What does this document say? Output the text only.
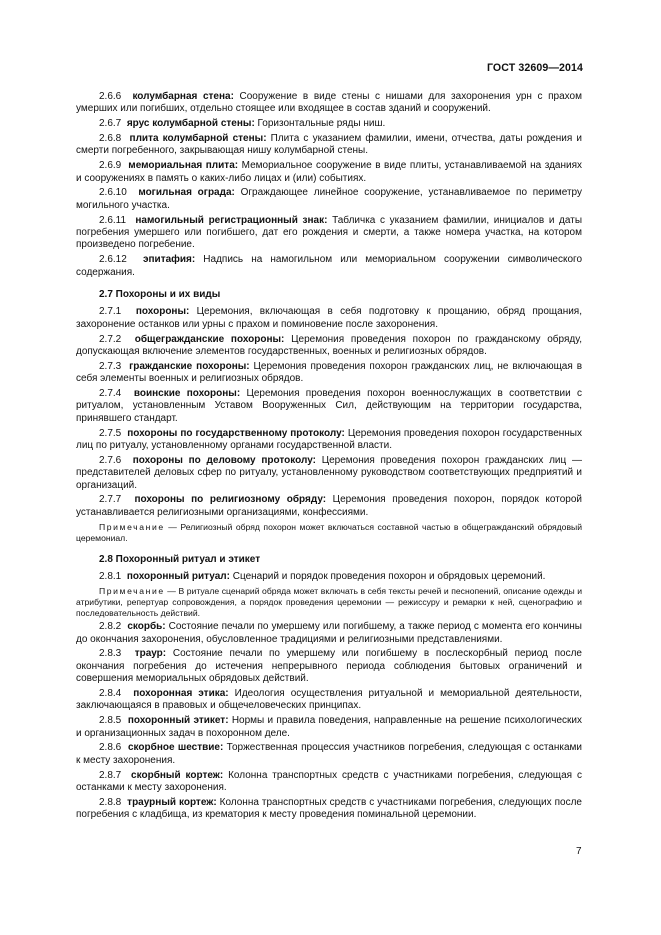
ГОСТ 32609—2014

2.6.6 колумбарная стена: Сооружение в виде стены с нишами для захоронения урн с прахом умерших или погибших, отдельно стоящее или входящее в состав зданий и сооружений.

2.6.7 ярус колумбарной стены: Горизонтальные ряды ниш.

2.6.8 плита колумбарной стены: Плита с указанием фамилии, имени, отчества, даты рождения и смерти погребенного, закрывающая нишу колумбарной стены.

2.6.9 мемориальная плита: Мемориальное сооружение в виде плиты, устанавливаемой на зданиях и сооружениях в память о каких-либо лицах и (или) событиях.

2.6.10 могильная ограда: Ограждающее линейное сооружение, устанавливаемое по периметру могильного участка.

2.6.11 намогильный регистрационный знак: Табличка с указанием фамилии, инициалов и даты погребения умершего или погибшего, дат его рождения и смерти, а также номера участка, на котором произведено погребение.

2.6.12 эпитафия: Надпись на намогильном или мемориальном сооружении символического содержания.

2.7 Похороны и их виды

2.7.1 похороны: Церемония, включающая в себя подготовку к прощанию, обряд прощания, захоронение останков или урны с прахом и поминовение после захоронения.

2.7.2 общегражданские похороны: Церемония проведения похорон по гражданскому обряду, допускающая включение элементов государственных, военных и религиозных обрядов.

2.7.3 гражданские похороны: Церемония проведения похорон гражданских лиц, не включающая в себя элементы военных и религиозных обрядов.

2.7.4 воинские похороны: Церемония проведения похорон военнослужащих в соответствии с ритуалом, установленным Уставом Вооруженных Сил, действующим на территории государства, принявшего стандарт.

2.7.5 похороны по государственному протоколу: Церемония проведения похорон государственных лиц по ритуалу, установленному органами государственной власти.

2.7.6 похороны по деловому протоколу: Церемония проведения похорон гражданских лиц — представителей деловых сфер по ритуалу, установленному руководством соответствующих предприятий и организаций.

2.7.7 похороны по религиозному обряду: Церемония проведения похорон, порядок которой устанавливается религиозными организациями, конфессиями.

Примечание — Религиозный обряд похорон может включаться составной частью в общегражданский обрядовый церемониал.

2.8 Похоронный ритуал и этикет

2.8.1 похоронный ритуал: Сценарий и порядок проведения похорон и обрядовых церемоний.

Примечание — В ритуале сценарий обряда может включать в себя тексты речей и песнопений, описание одежды и атрибутики, репертуар сопровождения, а порядок проведения церемонии — режиссуру и ремарки к ней, сценографию и последовательность действий.

2.8.2 скорбь: Состояние печали по умершему или погибшему, а также период с момента его кончины до окончания захоронения, обусловленное традициями и религиозными представлениями.

2.8.3 траур: Состояние печали по умершему или погибшему в послескорбный период после окончания погребения до истечения непрерывного периода соблюдения бытовых ограничений и совершения мемориальных обрядовых действий.

2.8.4 похоронная этика: Идеология осуществления ритуальной и мемориальной деятельности, заключающаяся в правовых и общечеловеческих принципах.

2.8.5 похоронный этикет: Нормы и правила поведения, направленные на решение психологических и организационных задач в похоронном деле.

2.8.6 скорбное шествие: Торжественная процессия участников погребения, следующая с останками к месту захоронения.

2.8.7 скорбный кортеж: Колонна транспортных средств с участниками погребения, следующая с останками к месту захоронения.

2.8.8 траурный кортеж: Колонна транспортных средств с участниками погребения, следующих после погребения с кладбища, из крематория к месту проведения поминальной церемонии.

7
